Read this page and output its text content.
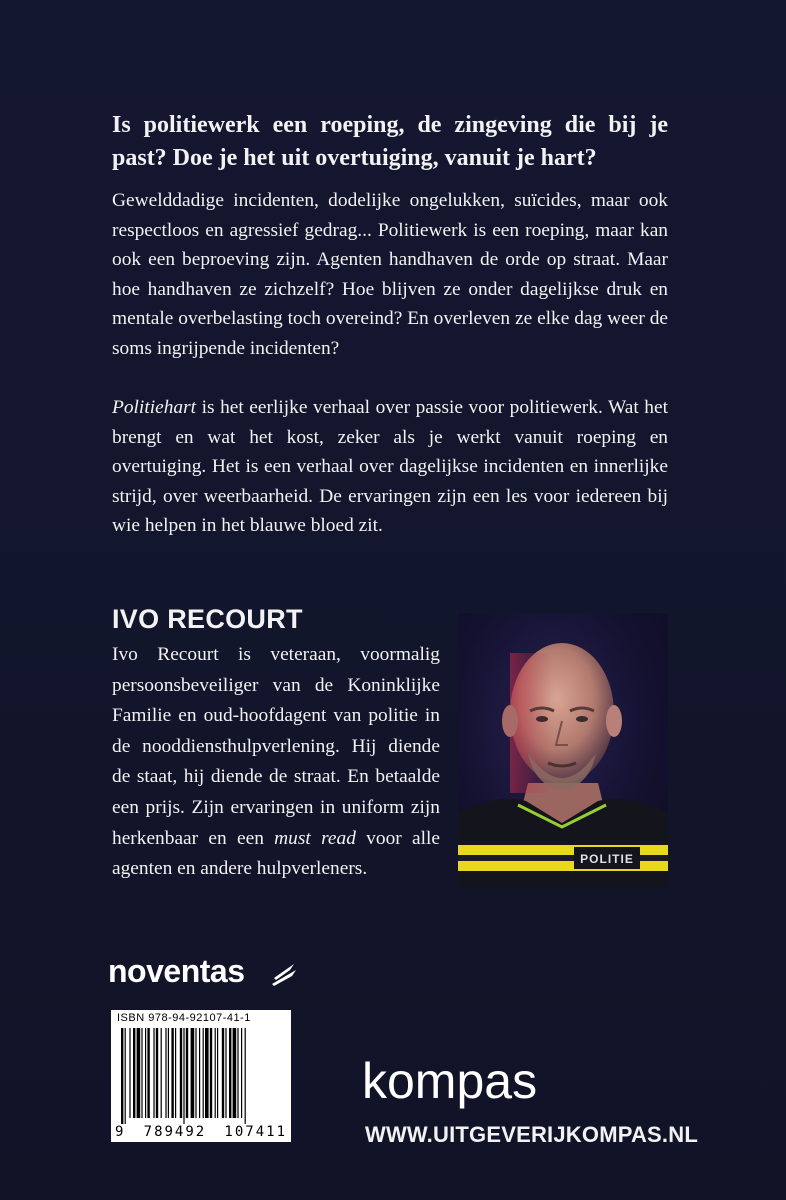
Is politiewerk een roeping, de zingeving die bij je past? Doe je het uit overtuiging, vanuit je hart?

Gewelddadige incidenten, dodelijke ongelukken, suïcides, maar ook respectloos en agressief gedrag... Politiewerk is een roeping, maar kan ook een beproeving zijn. Agenten handhaven de orde op straat. Maar hoe handhaven ze zichzelf? Hoe blijven ze onder dagelijkse druk en mentale overbelasting toch overeind? En overleven ze elke dag weer de soms ingrijpende incidenten?

Politiehart is het eerlijke verhaal over passie voor politiewerk. Wat het brengt en wat het kost, zeker als je werkt vanuit roeping en overtuiging. Het is een verhaal over dagelijkse incidenten en innerlijke strijd, over weerbaarheid. De ervaringen zijn een les voor iedereen bij wie helpen in het blauwe bloed zit.

IVO RECOURT

Ivo Recourt is veteraan, voormalig persoonsbeveiliger van de Koninklijke Familie en oud-hoofdagent van politie in de nooddiensthulpverlening. Hij diende de staat, hij diende de straat. En betaalde een prijs. Zijn ervaringen in uniform zijn herkenbaar en een must read voor alle agenten en andere hulpverleners.	POLITIE
noventas
ISBN 978-94-92107-41-1
9 789492 107411
kompas
WWW.UITGEVERIJKOMPAS.NL
